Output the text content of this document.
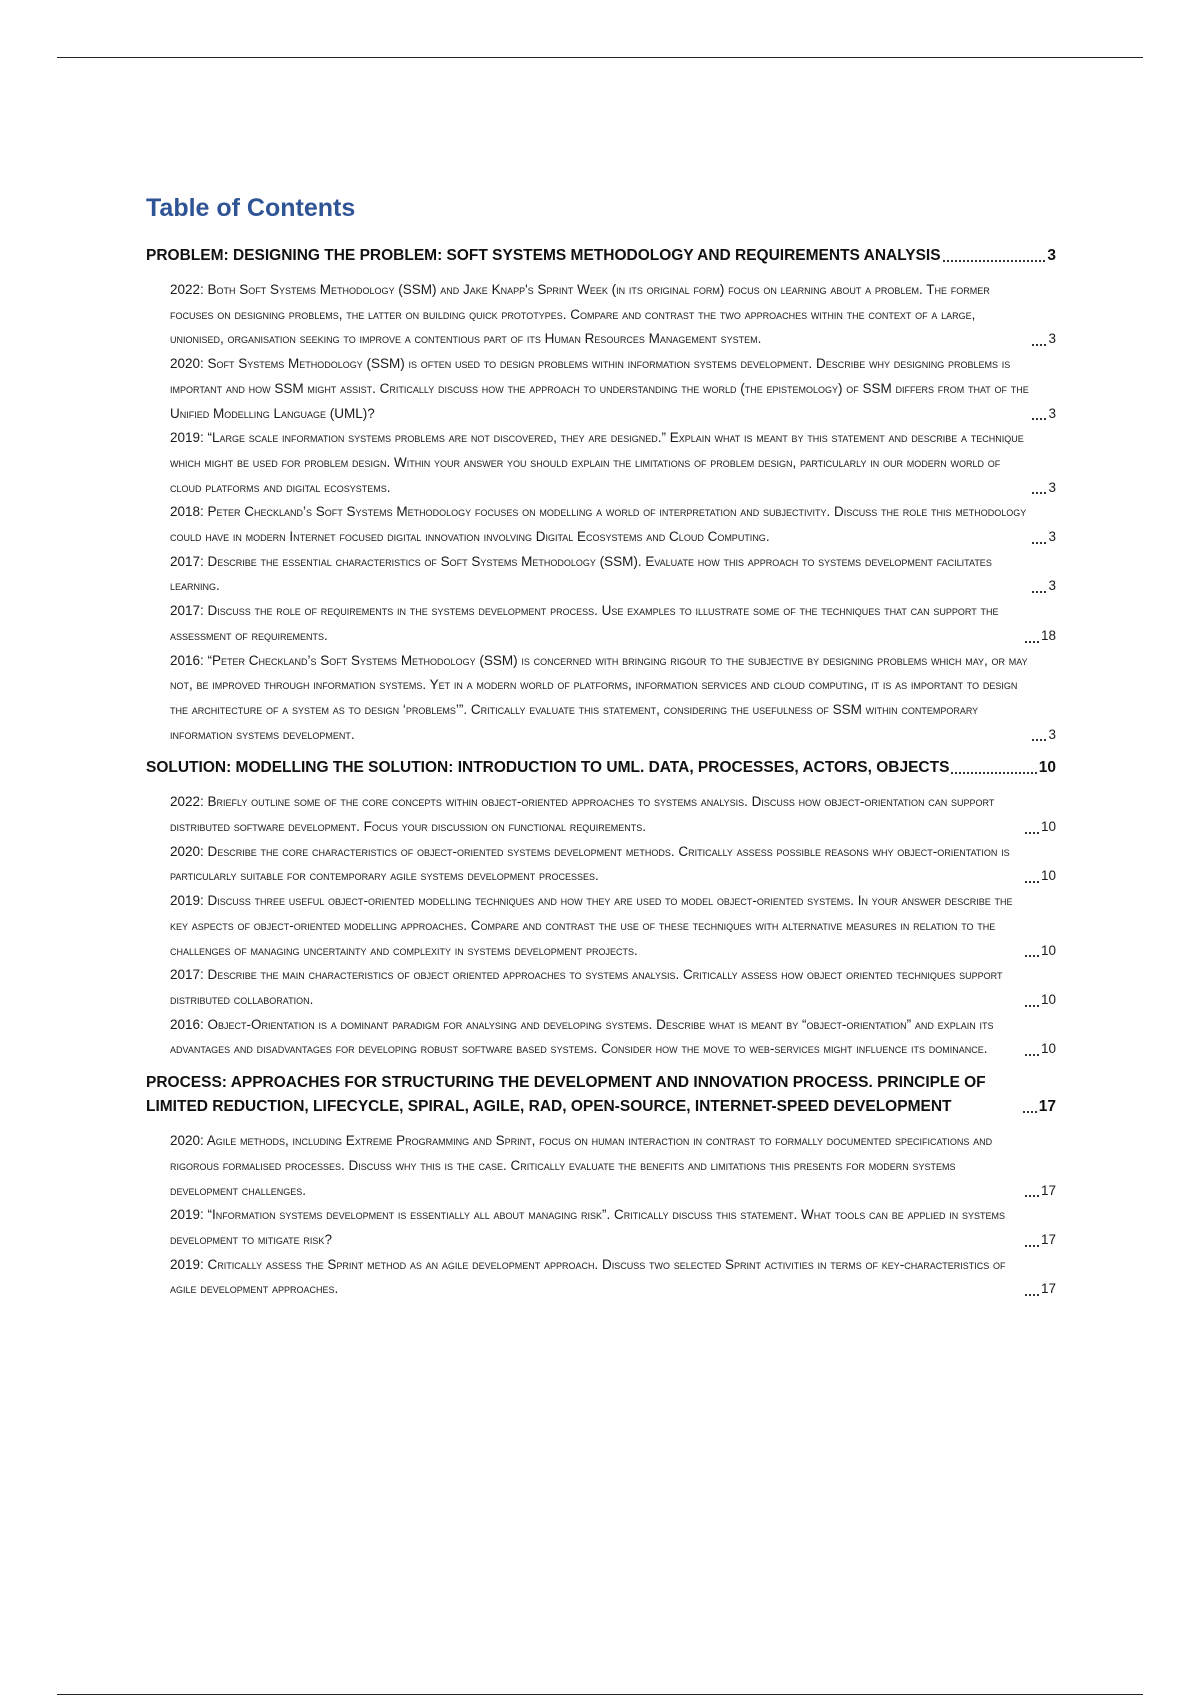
Table of Contents
PROBLEM: DESIGNING THE PROBLEM: SOFT SYSTEMS METHODOLOGY AND REQUIREMENTS ANALYSIS	3
2022: Both Soft Systems Methodology (SSM) and Jake Knapp's Sprint Week (in its original form) focus on learning about a problem. The former focuses on designing problems, the latter on building quick prototypes. Compare and contrast the two approaches within the context of a large, unionised, organisation seeking to improve a contentious part of its Human Resources Management system.	3
2020: Soft Systems Methodology (SSM) is often used to design problems within information systems development. Describe why designing problems is important and how SSM might assist. Critically discuss how the approach to understanding the world (the epistemology) of SSM differs from that of the Unified Modelling Language (UML)?	3
2019: “Large scale information systems problems are not discovered, they are designed.” Explain what is meant by this statement and describe a technique which might be used for problem design. Within your answer you should explain the limitations of problem design, particularly in our modern world of cloud platforms and digital ecosystems.	3
2018: Peter Checkland’s Soft Systems Methodology focuses on modelling a world of interpretation and subjectivity. Discuss the role this methodology could have in modern Internet focused digital innovation involving Digital Ecosystems and Cloud Computing.	3
2017: Describe the essential characteristics of Soft Systems Methodology (SSM). Evaluate how this approach to systems development facilitates learning.	3
2017: Discuss the role of requirements in the systems development process. Use examples to illustrate some of the techniques that can support the assessment of requirements.	18
2016: “Peter Checkland’s Soft Systems Methodology (SSM) is concerned with bringing rigour to the subjective by designing problems which may, or may not, be improved through information systems. Yet in a modern world of platforms, information services and cloud computing, it is as important to design the architecture of a system as to design ‘problems’”. Critically evaluate this statement, considering the usefulness of SSM within contemporary information systems development.	3
SOLUTION: MODELLING THE SOLUTION: INTRODUCTION TO UML. DATA, PROCESSES, ACTORS, OBJECTS	10
2022: Briefly outline some of the core concepts within object-oriented approaches to systems analysis. Discuss how object-orientation can support distributed software development. Focus your discussion on functional requirements.	10
2020: Describe the core characteristics of object-oriented systems development methods. Critically assess possible reasons why object-orientation is particularly suitable for contemporary agile systems development processes.	10
2019: Discuss three useful object-oriented modelling techniques and how they are used to model object-oriented systems. In your answer describe the key aspects of object-oriented modelling approaches. Compare and contrast the use of these techniques with alternative measures in relation to the challenges of managing uncertainty and complexity in systems development projects.	10
2017: Describe the main characteristics of object oriented approaches to systems analysis. Critically assess how object oriented techniques support distributed collaboration.	10
2016: Object-Orientation is a dominant paradigm for analysing and developing systems. Describe what is meant by “object-orientation” and explain its advantages and disadvantages for developing robust software based systems. Consider how the move to web-services might influence its dominance.	10
PROCESS: APPROACHES FOR STRUCTURING THE DEVELOPMENT AND INNOVATION PROCESS. PRINCIPLE OF LIMITED REDUCTION, LIFECYCLE, SPIRAL, AGILE, RAD, OPEN-SOURCE, INTERNET-SPEED DEVELOPMENT	17
2020: Agile methods, including Extreme Programming and Sprint, focus on human interaction in contrast to formally documented specifications and rigorous formalised processes. Discuss why this is the case. Critically evaluate the benefits and limitations this presents for modern systems development challenges.	17
2019: “Information systems development is essentially all about managing risk”. Critically discuss this statement. What tools can be applied in systems development to mitigate risk?	17
2019: Critically assess the Sprint method as an agile development approach. Discuss two selected Sprint activities in terms of key-characteristics of agile development approaches.	17
